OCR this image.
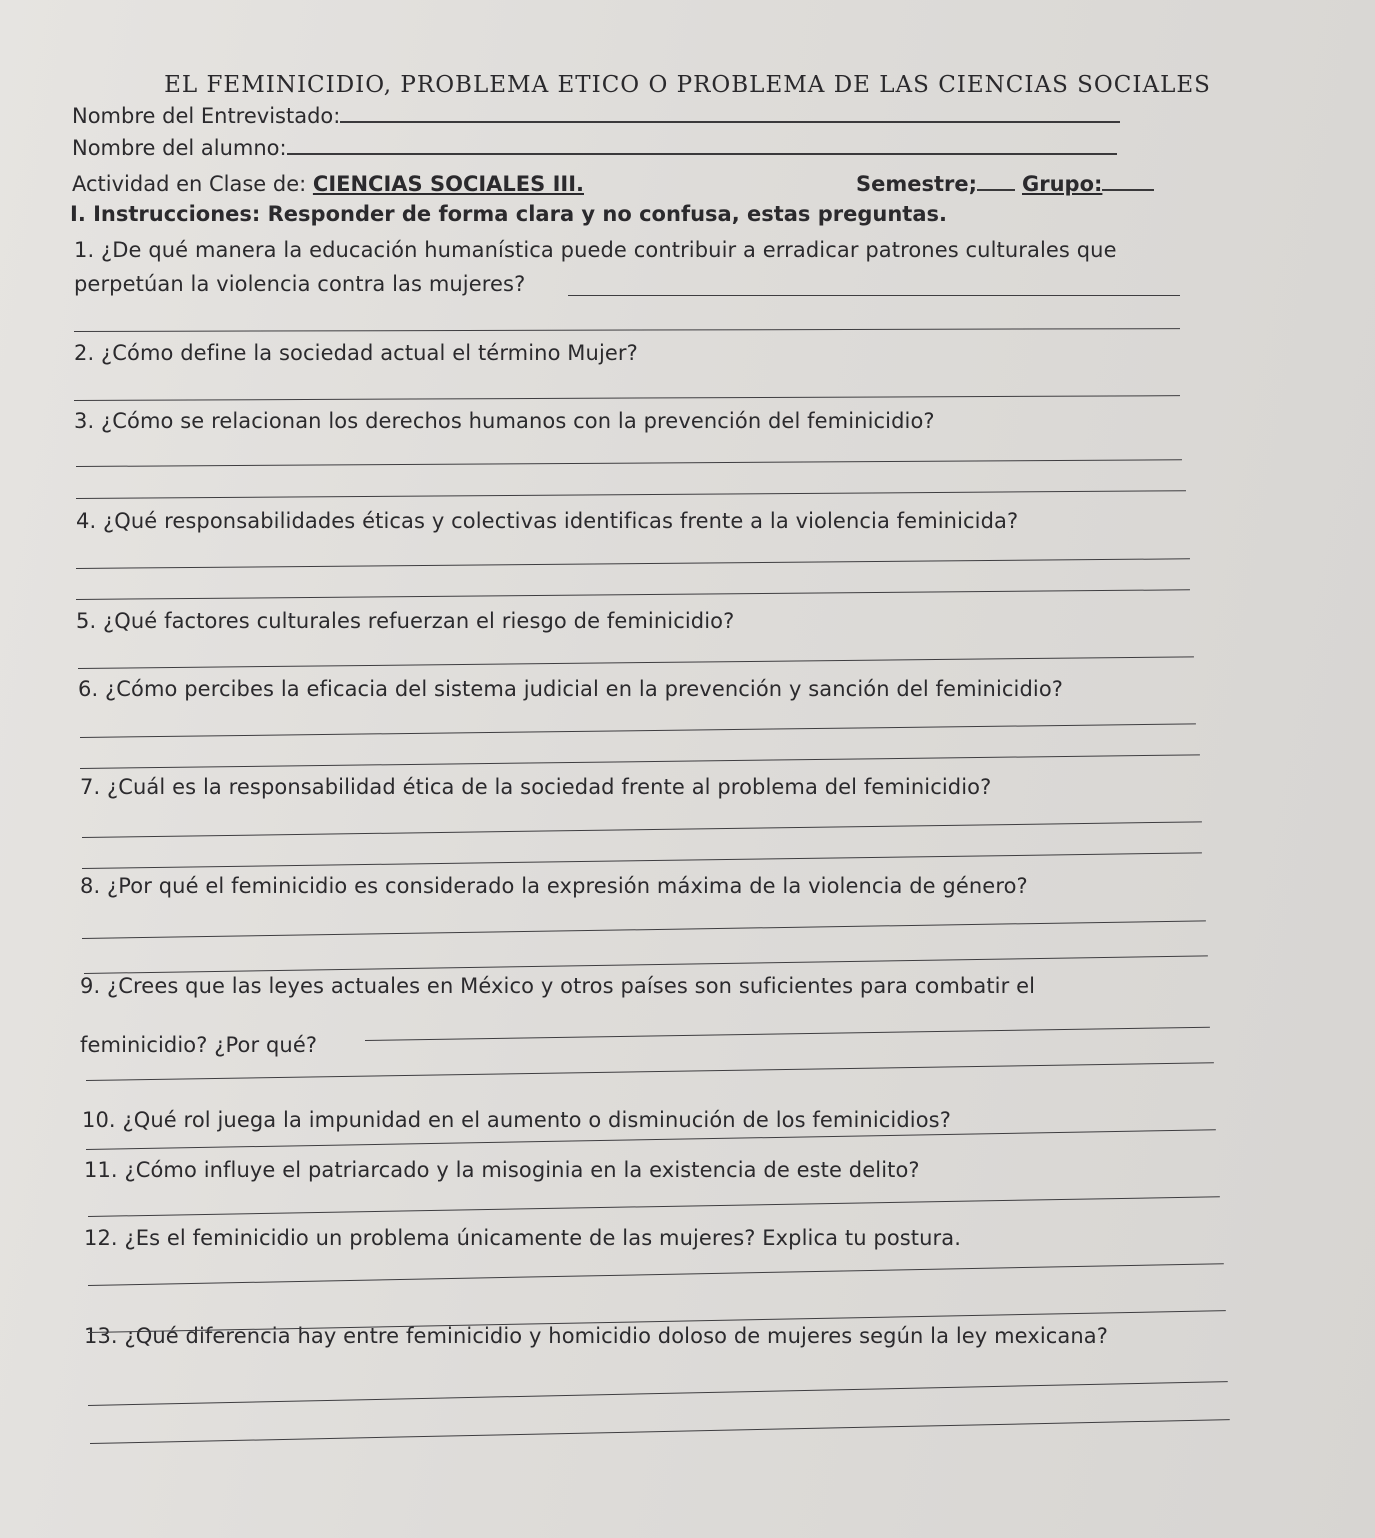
EL FEMINICIDIO, PROBLEMA ETICO O PROBLEMA DE LAS CIENCIAS SOCIALES
Nombre del Entrevistado:
Nombre del alumno:
Actividad en Clase de: CIENCIAS SOCIALES III.	Semestre;	Grupo:
I. Instrucciones: Responder de forma clara y no confusa, estas preguntas.
1. ¿De qué manera la educación humanística puede contribuir a erradicar patrones culturales que
perpetúan la violencia contra las mujeres?
2. ¿Cómo define la sociedad actual el término Mujer?
3. ¿Cómo se relacionan los derechos humanos con la prevención del feminicidio?
4. ¿Qué responsabilidades éticas y colectivas identificas frente a la violencia feminicida?
5. ¿Qué factores culturales refuerzan el riesgo de feminicidio?
6. ¿Cómo percibes la eficacia del sistema judicial en la prevención y sanción del feminicidio?
7. ¿Cuál es la responsabilidad ética de la sociedad frente al problema del feminicidio?
8. ¿Por qué el feminicidio es considerado la expresión máxima de la violencia de género?
9. ¿Crees que las leyes actuales en México y otros países son suficientes para combatir el
feminicidio? ¿Por qué?
10. ¿Qué rol juega la impunidad en el aumento o disminución de los feminicidios?
11. ¿Cómo influye el patriarcado y la misoginia en la existencia de este delito?
12. ¿Es el feminicidio un problema únicamente de las mujeres? Explica tu postura.
13. ¿Qué diferencia hay entre feminicidio y homicidio doloso de mujeres según la ley mexicana?
